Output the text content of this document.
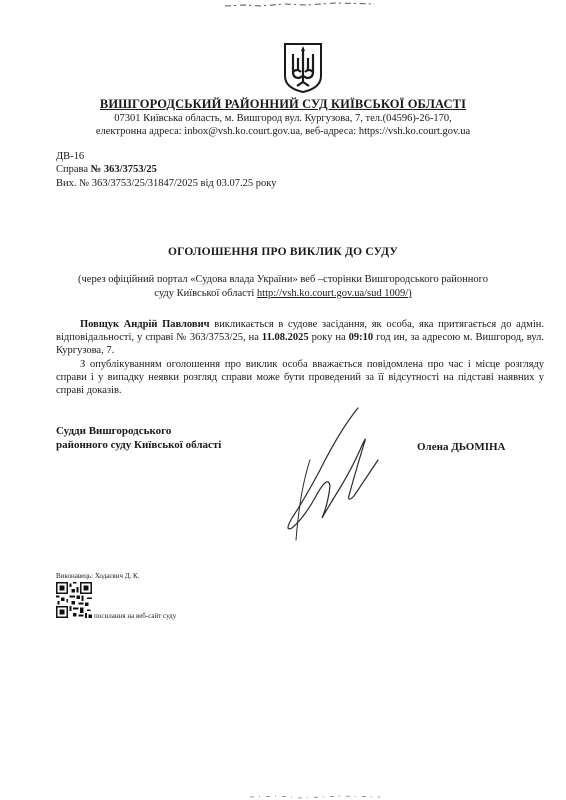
ВИШГОРОДСЬКИЙ РАЙОННИЙ СУД КИЇВСЬКОЇ ОБЛАСТІ
07301 Київська область, м. Вишгород вул. Кургузова, 7, тел.(04596)-26-170,
електронна адреса: inbox@vsh.ko.court.gov.ua, веб-адреса: https://vsh.ko.court.gov.ua
ДВ-16
Справа № 363/3753/25
Вих. № 363/3753/25/31847/2025 від 03.07.25 року
ОГОЛОШЕННЯ ПРО ВИКЛИК ДО СУДУ
(через офіційний портал «Судова влада України» веб –сторінки Вишгородського районного
суду Київської області http://vsh.ko.court.gov.ua/sud 1009/)

Повщук Андрій Павлович викликається в судове засідання, як особа, яка притягається до адмін. відповідальності, у справі № 363/3753/25, на 11.08.2025 року на 09:10 год ин, за адресою м. Вишгород, вул. Кургузова, 7.

З опублікуванням оголошення про виклик особа вважається повідомлена про час і місце розгляду справи і у випадку неявки розгляд справи може бути проведений за її відсутності на підставі наявних у справі доказів.

Судди Вишгородського
районного суду Київської області	Олена ДЬОМІНА
Виконавець: Ходаєвич Д. К.
посилання на веб-сайт суду
